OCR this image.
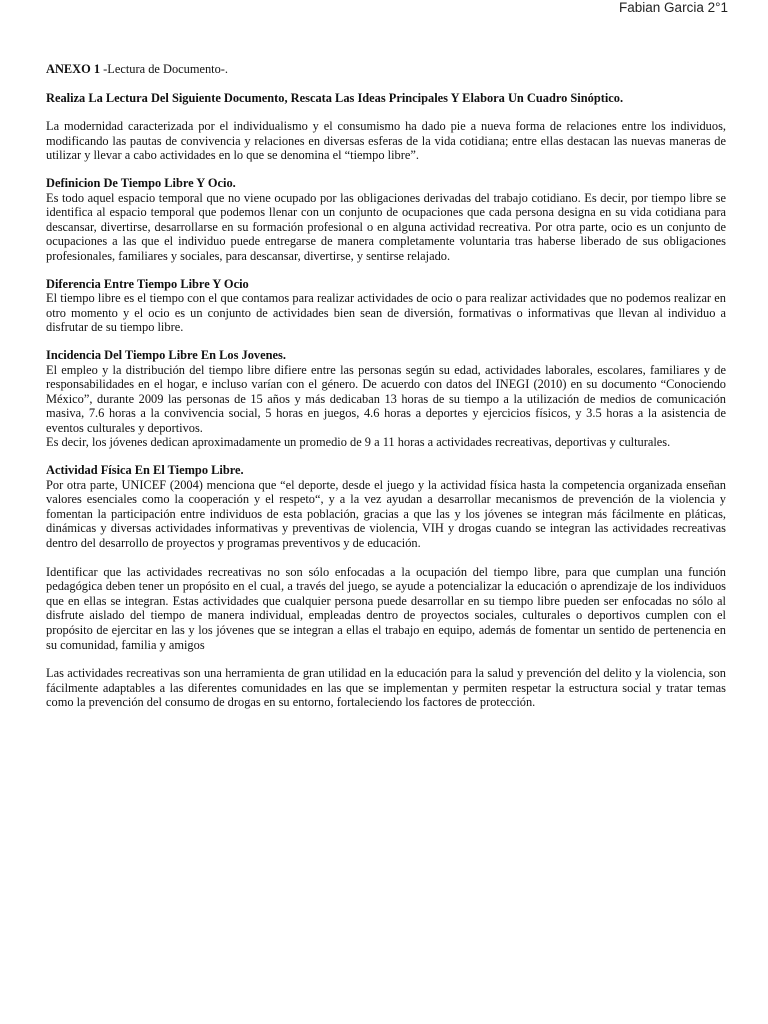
Fabian Garcia 2°1

ANEXO 1 -Lectura de Documento-.

Realiza La Lectura Del Siguiente Documento, Rescata Las Ideas Principales Y Elabora Un Cuadro Sinóptico.

La modernidad caracterizada por el individualismo y el consumismo ha dado pie a nueva forma de relaciones entre los individuos, modificando las pautas de convivencia y relaciones en diversas esferas de la vida cotidiana; entre ellas destacan las nuevas maneras de utilizar y llevar a cabo actividades en lo que se denomina el “tiempo libre”.

Definicion De Tiempo Libre Y Ocio.

Es todo aquel espacio temporal que no viene ocupado por las obligaciones derivadas del trabajo cotidiano. Es decir, por tiempo libre se identifica al espacio temporal que podemos llenar con un conjunto de ocupaciones que cada persona designa en su vida cotidiana para descansar, divertirse, desarrollarse en su formación profesional o en alguna actividad recreativa. Por otra parte, ocio es un conjunto de ocupaciones a las que el individuo puede entregarse de manera completamente voluntaria tras haberse liberado de sus obligaciones profesionales, familiares y sociales, para descansar, divertirse, y sentirse relajado.

Diferencia Entre Tiempo Libre Y Ocio

El tiempo libre es el tiempo con el que contamos para realizar actividades de ocio o para realizar actividades que no podemos realizar en otro momento y el ocio es un conjunto de actividades bien sean de diversión, formativas o informativas que llevan al individuo a disfrutar de su tiempo libre.

Incidencia Del Tiempo Libre En Los Jovenes.

El empleo y la distribución del tiempo libre difiere entre las personas según su edad, actividades laborales, escolares, familiares y de responsabilidades en el hogar, e incluso varían con el género. De acuerdo con datos del INEGI (2010) en su documento “Conociendo México”, durante 2009 las personas de 15 años y más dedicaban 13 horas de su tiempo a la utilización de medios de comunicación masiva, 7.6 horas a la convivencia social, 5 horas en juegos, 4.6 horas a deportes y ejercicios físicos, y 3.5 horas a la asistencia de eventos culturales y deportivos.

Es decir, los jóvenes dedican aproximadamente un promedio de 9 a 11 horas a actividades recreativas, deportivas y culturales.

Actividad Física En El Tiempo Libre.

Por otra parte, UNICEF (2004) menciona que “el deporte, desde el juego y la actividad física hasta la competencia organizada enseñan valores esenciales como la cooperación y el respeto“, y a la vez ayudan a desarrollar mecanismos de prevención de la violencia y fomentan la participación entre individuos de esta población, gracias a que las y los jóvenes se integran más fácilmente en pláticas, dinámicas y diversas actividades informativas y preventivas de violencia, VIH y drogas cuando se integran las actividades recreativas dentro del desarrollo de proyectos y programas preventivos y de educación.

Identificar que las actividades recreativas no son sólo enfocadas a la ocupación del tiempo libre, para que cumplan una función pedagógica deben tener un propósito en el cual, a través del juego, se ayude a potencializar la educación o aprendizaje de los individuos que en ellas se integran. Estas actividades que cualquier persona puede desarrollar en su tiempo libre pueden ser enfocadas no sólo al disfrute aislado del tiempo de manera individual, empleadas dentro de proyectos sociales, culturales o deportivos cumplen con el propósito de ejercitar en las y los jóvenes que se integran a ellas el trabajo en equipo, además de fomentar un sentido de pertenencia en su comunidad, familia y amigos

Las actividades recreativas son una herramienta de gran utilidad en la educación para la salud y prevención del delito y la violencia, son fácilmente adaptables a las diferentes comunidades en las que se implementan y permiten respetar la estructura social y tratar temas como la prevención del consumo de drogas en su entorno, fortaleciendo los factores de protección.
